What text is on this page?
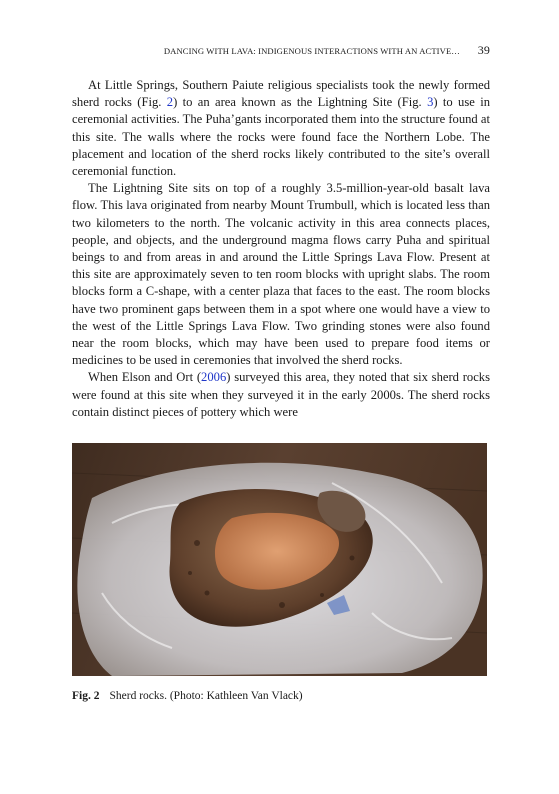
DANCING WITH LAVA: INDIGENOUS INTERACTIONS WITH AN ACTIVE… 39

At Little Springs, Southern Paiute religious specialists took the newly formed sherd rocks (Fig. 2) to an area known as the Lightning Site (Fig. 3) to use in ceremonial activities. The Puha’gants incorporated them into the structure found at this site. The walls where the rocks were found face the Northern Lobe. The placement and location of the sherd rocks likely contributed to the site’s overall ceremonial function.

The Lightning Site sits on top of a roughly 3.5-million-year-old basalt lava flow. This lava originated from nearby Mount Trumbull, which is located less than two kilometers to the north. The volcanic activity in this area connects places, people, and objects, and the underground magma flows carry Puha and spiritual beings to and from areas in and around the Little Springs Lava Flow. Present at this site are approximately seven to ten room blocks with upright slabs. The room blocks form a C-shape, with a center plaza that faces to the east. The room blocks have two prominent gaps between them in a spot where one would have a view to the west of the Little Springs Lava Flow. Two grinding stones were also found near the room blocks, which may have been used to prepare food items or medicines to be used in ceremonies that involved the sherd rocks.

When Elson and Ort (2006) surveyed this area, they noted that six sherd rocks were found at this site when they surveyed it in the early 2000s. The sherd rocks contain distinct pieces of pottery which were

Fig. 2 Sherd rocks. (Photo: Kathleen Van Vlack)
